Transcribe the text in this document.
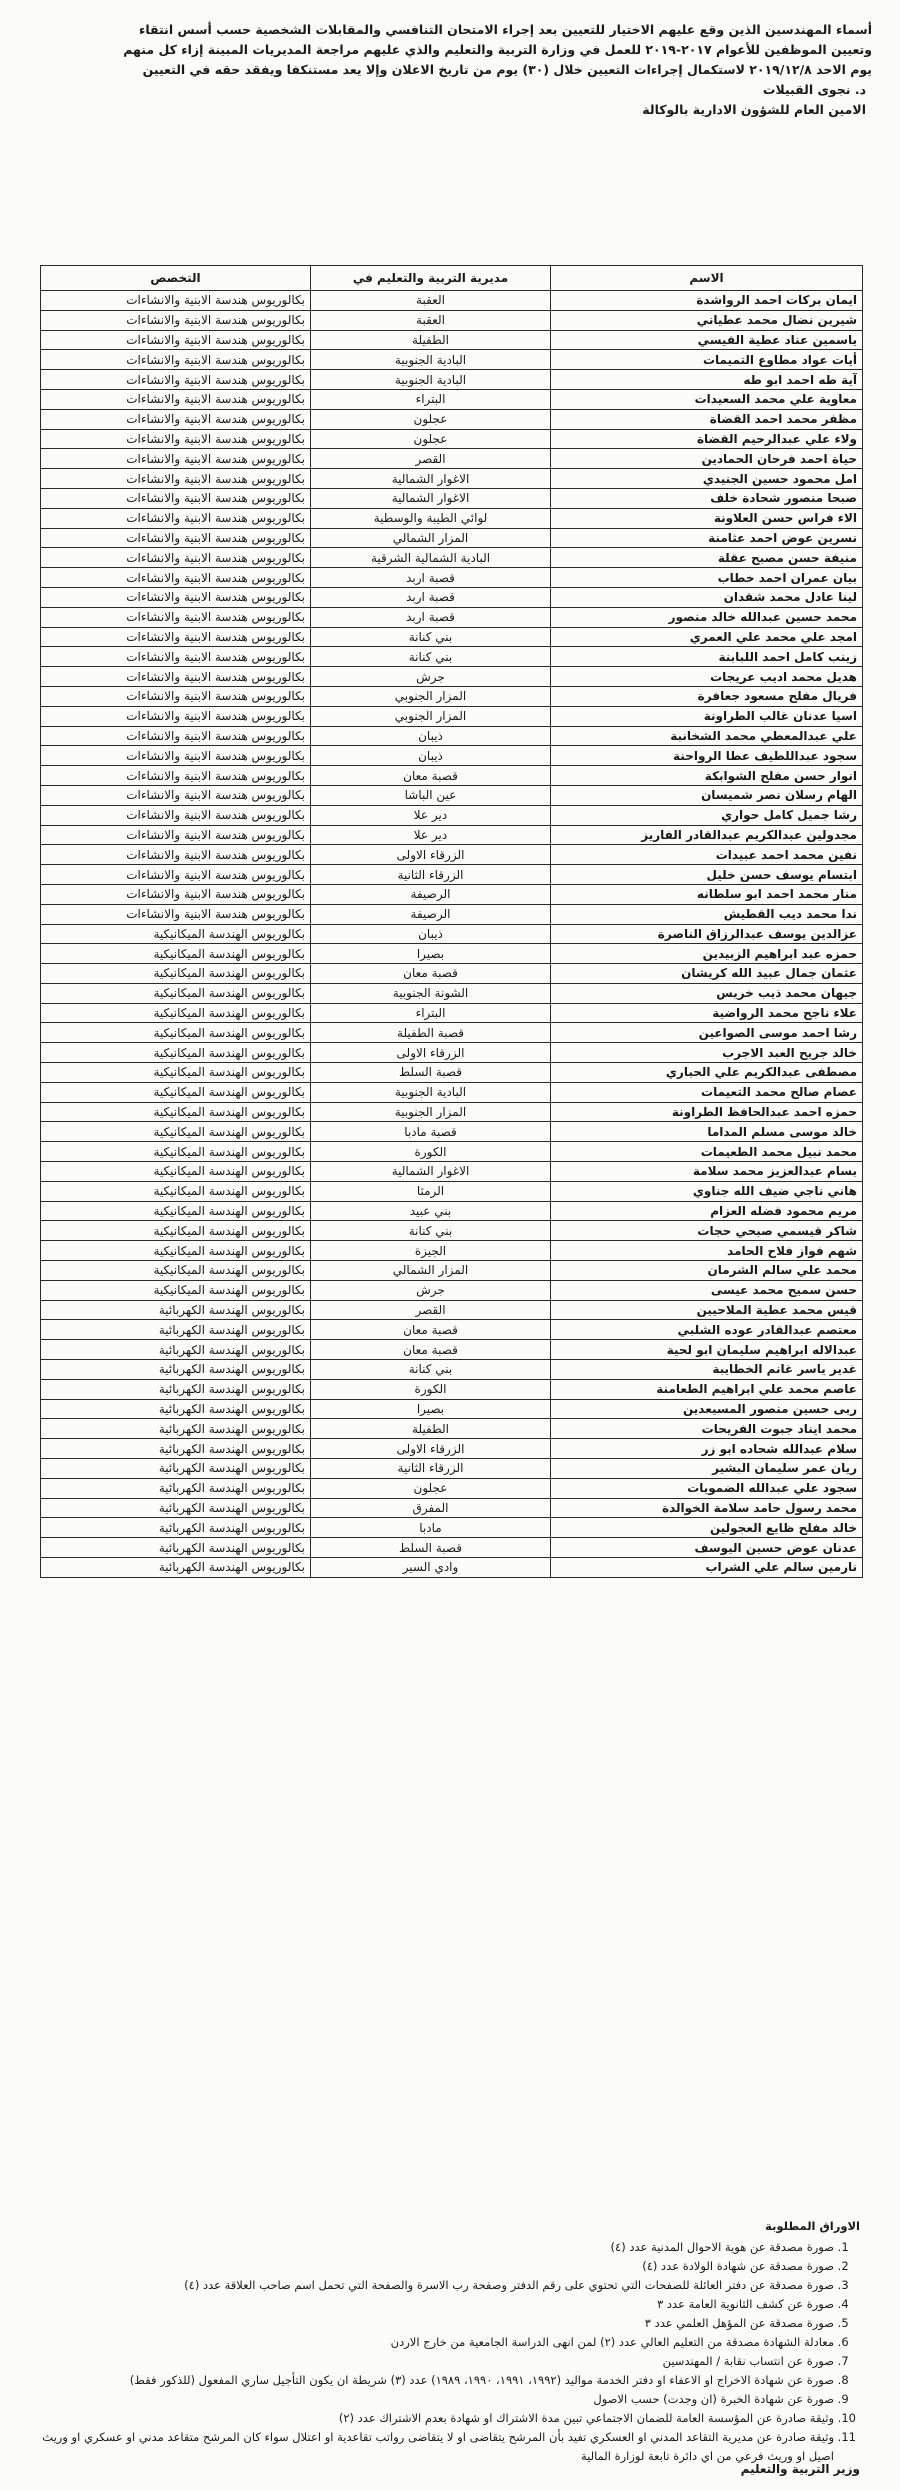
أسماء المهندسين الذين وقع عليهم الاختيار للتعيين بعد إجراء الامتحان التنافسي والمقابلات الشخصية حسب أسس انتقاء

وتعيين الموظفين للأعوام ٢٠١٧-٢٠١٩ للعمل في وزارة التربية والتعليم والذي عليهم مراجعة المديريات المبينة إزاء كل منهم

يوم الاحد ٢٠١٩/١٢/٨ لاستكمال إجراءات التعيين خلال (٣٠) يوم من تاريخ الاعلان وإلا يعد مستنكفا ويفقد حقه في التعيين

د. نجوى القبيلات

الامين العام للشؤون الادارية بالوكالة

الاسم	مديرية التربية والتعليم في	التخصص
ايمان بركات احمد الرواشدة	العقبة	بكالوريوس هندسة الابنية والانشاءات
شيرين نضال محمد عطياني	العقبة	بكالوريوس هندسة الابنية والانشاءات
ياسمين عناد عطية القيسي	الطفيلة	بكالوريوس هندسة الابنية والانشاءات
أيات عواد مطاوع التميمات	البادية الجنوبية	بكالوريوس هندسة الابنية والانشاءات
آية طه احمد ابو طه	البادية الجنوبية	بكالوريوس هندسة الابنية والانشاءات
معاوية علي محمد السعيدات	البتراء	بكالوريوس هندسة الابنية والانشاءات
مظفر محمد احمد القضاة	عجلون	بكالوريوس هندسة الابنية والانشاءات
ولاء علي عبدالرحيم القضاة	عجلون	بكالوريوس هندسة الابنية والانشاءات
حياة احمد فرحان الحمادين	القصر	بكالوريوس هندسة الابنية والانشاءات
امل محمود حسين الجنيدي	الاغوار الشمالية	بكالوريوس هندسة الابنية والانشاءات
صبحا منصور شحادة خلف	الاغوار الشمالية	بكالوريوس هندسة الابنية والانشاءات
الاء فراس حسن العلاونة	لوائي الطيبة والوسطية	بكالوريوس هندسة الابنية والانشاءات
نسرين عوض احمد عثامنة	المزار الشمالي	بكالوريوس هندسة الابنية والانشاءات
منيفة حسن مصبح عقلة	البادية الشمالية الشرقية	بكالوريوس هندسة الابنية والانشاءات
بيان عمران احمد خطاب	قصبة اربد	بكالوريوس هندسة الابنية والانشاءات
لينا عادل محمد شقدان	قصبة اربد	بكالوريوس هندسة الابنية والانشاءات
محمد حسين عبدالله خالد منصور	قصبة اربد	بكالوريوس هندسة الابنية والانشاءات
امجد علي محمد علي العمري	بني كنانة	بكالوريوس هندسة الابنية والانشاءات
زينب كامل احمد اللبابنة	بني كنانة	بكالوريوس هندسة الابنية والانشاءات
هديل محمد اديب عريجات	جرش	بكالوريوس هندسة الابنية والانشاءات
فريال مفلح مسعود جعافرة	المزار الجنوبي	بكالوريوس هندسة الابنية والانشاءات
اسيا عدنان غالب الطراونة	المزار الجنوبي	بكالوريوس هندسة الابنية والانشاءات
علي عبدالمعطي محمد الشخانبة	ذيبان	بكالوريوس هندسة الابنية والانشاءات
سجود عبداللطيف عطا الرواحنة	ذيبان	بكالوريوس هندسة الابنية والانشاءات
انوار حسن مفلح الشوابكة	قصبة معان	بكالوريوس هندسة الابنية والانشاءات
الهام رسلان نصر شميسان	عين الباشا	بكالوريوس هندسة الابنية والانشاءات
رشا جميل كامل حواري	دير علا	بكالوريوس هندسة الابنية والانشاءات
مجدولين عبدالكريم عبدالقادر الفاريز	دير علا	بكالوريوس هندسة الابنية والانشاءات
نفين محمد احمد عبيدات	الزرقاء الاولى	بكالوريوس هندسة الابنية والانشاءات
ابتسام يوسف حسن خليل	الزرقاء الثانية	بكالوريوس هندسة الابنية والانشاءات
منار محمد احمد ابو سلطانه	الرصيفة	بكالوريوس هندسة الابنية والانشاءات
ندا محمد ديب القطيش	الرصيفة	بكالوريوس هندسة الابنية والانشاءات
عزالدين يوسف عبدالرزاق الناصرة	ذيبان	بكالوريوس الهندسة الميكانيكية
حمزه عبد ابراهيم الزبيدين	بصيرا	بكالوريوس الهندسة الميكانيكية
عثمان جمال عبيد الله كريشان	قصبة معان	بكالوريوس الهندسة الميكانيكية
جيهان محمد ذيب خريس	الشونة الجنوبية	بكالوريوس الهندسة الميكانيكية
علاء ناجح محمد الرواضية	البتراء	بكالوريوس الهندسة الميكانيكية
رشا احمد موسى الصواعين	قصبة الطفيلة	بكالوريوس الهندسة الميكانيكية
خالد جريح العبد الاجرب	الزرقاء الاولى	بكالوريوس الهندسة الميكانيكية
مصطفى عبدالكريم علي الحباري	قصبة السلط	بكالوريوس الهندسة الميكانيكية
عصام صالح محمد التعيمات	البادية الجنوبية	بكالوريوس الهندسة الميكانيكية
حمزه احمد عبدالحافظ الطراونة	المزار الجنوبية	بكالوريوس الهندسة الميكانيكية
خالد موسى مسلم المداما	قصبة مادبا	بكالوريوس الهندسة الميكانيكية
محمد نبيل محمد الطعيمات	الكورة	بكالوريوس الهندسة الميكانيكية
بسام عبدالعزيز محمد سلامة	الاغوار الشمالية	بكالوريوس الهندسة الميكانيكية
هاني ناجي ضيف الله جناوي	الرمثا	بكالوريوس الهندسة الميكانيكية
مريم محمود فضله العزام	بني عبيد	بكالوريوس الهندسة الميكانيكية
شاكر قيسمي صبحي حجات	بني كنانة	بكالوريوس الهندسة الميكانيكية
شهم فواز فلاح الحامد	الجيزة	بكالوريوس الهندسة الميكانيكية
محمد علي سالم الشرمان	المزار الشمالي	بكالوريوس الهندسة الميكانيكية
حسن سميح محمد عيسى	جرش	بكالوريوس الهندسة الميكانيكية
قيس محمد عطية الملاحيين	القصر	بكالوريوس الهندسة الكهربائية
معتصم عبدالقادر عوده الشلبي	قصبة معان	بكالوريوس الهندسة الكهربائية
عبدالاله ابراهيم سليمان ابو لحية	قصبة معان	بكالوريوس الهندسة الكهربائية
غدير ياسر غانم الخطايبة	بني كنانة	بكالوريوس الهندسة الكهربائية
عاصم محمد علي ابراهيم الطعامنة	الكورة	بكالوريوس الهندسة الكهربائية
ربى حسين منصور المسيعدين	بصيرا	بكالوريوس الهندسة الكهربائية
محمد ايناد جبوت الفريحات	الطفيلة	بكالوريوس الهندسة الكهربائية
سلام عبدالله شحاده ابو زر	الزرقاء الاولى	بكالوريوس الهندسة الكهربائية
ريان عمر سليمان البشير	الزرقاء الثانية	بكالوريوس الهندسة الكهربائية
سجود علي عبدالله الضمويات	عجلون	بكالوريوس الهندسة الكهربائية
محمد رسول حامد سلامة الخوالدة	المفرق	بكالوريوس الهندسة الكهربائية
خالد مفلح ظايع العجولين	مادبا	بكالوريوس الهندسة الكهربائية
عدنان عوض حسين اليوسف	قصبة السلط	بكالوريوس الهندسة الكهربائية
نارمين سالم علي الشراب	وادي السير	بكالوريوس الهندسة الكهربائية
الاوراق المطلوبة
1. صورة مصدقة عن هوية الاحوال المدنية عدد (٤)
2. صورة مصدقة عن شهادة الولادة عدد (٤)
3. صورة مصدقة عن دفتر العائلة للصفحات التي تحتوي على رقم الدفتر وصفحة رب الاسرة والصفحة التي تحمل اسم صاحب العلاقة عدد (٤)
4. صورة عن كشف الثانوية العامة عدد ٣
5. صورة مصدقة عن المؤهل العلمي عدد ٣
6. معادلة الشهادة مصدقة من التعليم العالي عدد (٢) لمن انهى الدراسة الجامعية من خارج الاردن
7. صورة عن انتساب نقابة / المهندسين
8. صورة عن شهادة الاخراج او الاعفاء او دفتر الخدمة مواليد (١٩٩٢، ١٩٩١، ١٩٩٠، ١٩٨٩) عدد (٣) شريطة ان يكون التأجيل ساري المفعول (للذكور فقط)
9. صورة عن شهادة الخبرة (ان وجدت) حسب الاصول
10. وثيقة صادرة عن المؤسسة العامة للضمان الاجتماعي تبين مدة الاشتراك او شهادة بعدم الاشتراك عدد (٢)
11. وثيقة صادرة عن مديرية التقاعد المدني او العسكري تفيد بأن المرشح يتقاضى او لا يتقاضى رواتب تقاعدية او اعتلال سواء كان المرشح متقاعد مدني او عسكري او وريث اصيل او وريث فرعي من اي دائرة تابعة لوزارة المالية
وزير التربية والتعليم
